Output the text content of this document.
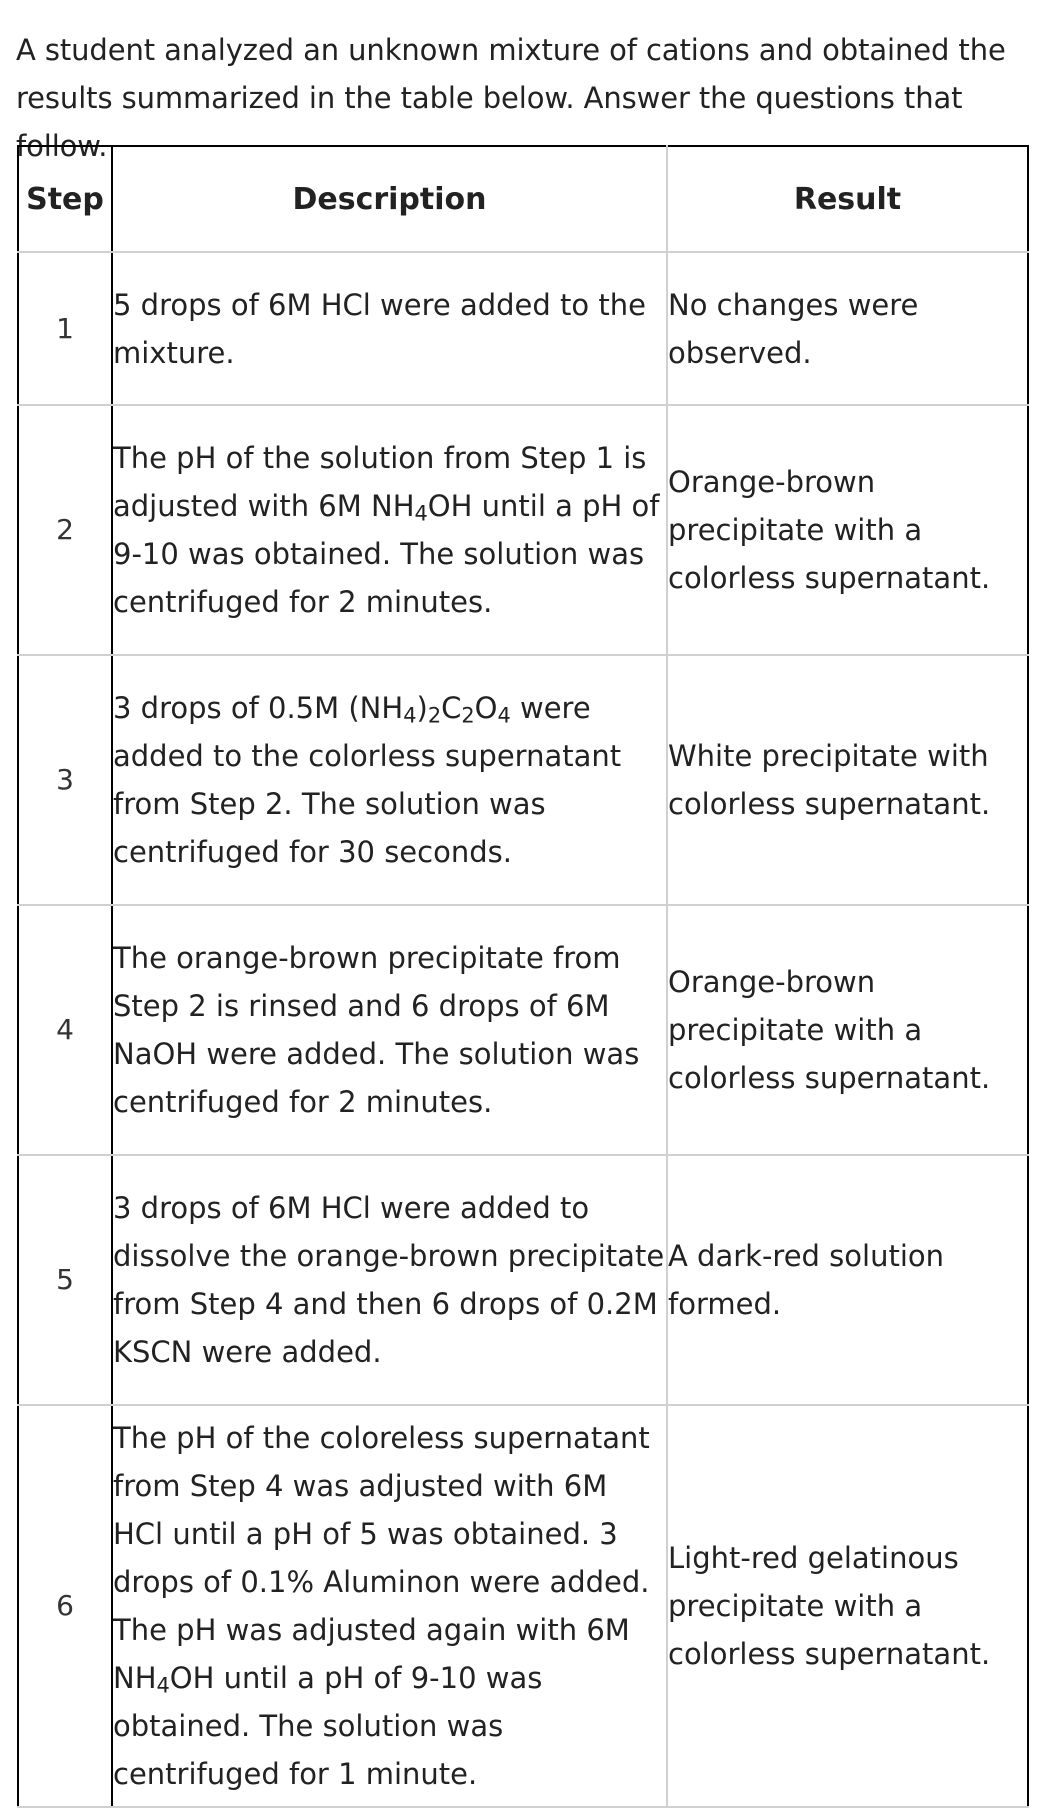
A student analyzed an unknown mixture of cations and obtained the

results summarized in the table below. Answer the questions that follow.

Step	Description	Result
1	5 drops of 6M HCl were added to the mixture.	No changes were observed.
2	The pH of the solution from Step 1 is adjusted with 6M $NH_4OH$ until a pH of 9-10 was obtained. The solution was centrifuged for 2 minutes.	Orange-brown precipitate with a colorless supernatant.
3	3 drops of 0.5M $(NH_4)_2C_2O_4$ were added to the colorless supernatant from Step 2. The solution was centrifuged for 30 seconds.	White precipitate with colorless supernatant.
4	The orange-brown precipitate from Step 2 is rinsed and 6 drops of 6M NaOH were added. The solution was centrifuged for 2 minutes.	Orange-brown precipitate with a colorless supernatant.
5	3 drops of 6M HCl were added to dissolve the orange-brown precipitate from Step 4 and then 6 drops of 0.2M KSCN were added.	A dark-red solution formed.
6	The pH of the coloreless supernatant from Step 4 was adjusted with 6M HCl until a pH of 5 was obtained. 3 drops of 0.1% Aluminon were added. The pH was adjusted again with 6M $NH_4OH$ until a pH of 9-10 was obtained. The solution was centrifuged for 1 minute.	Light-red gelatinous precipitate with a colorless supernatant.
